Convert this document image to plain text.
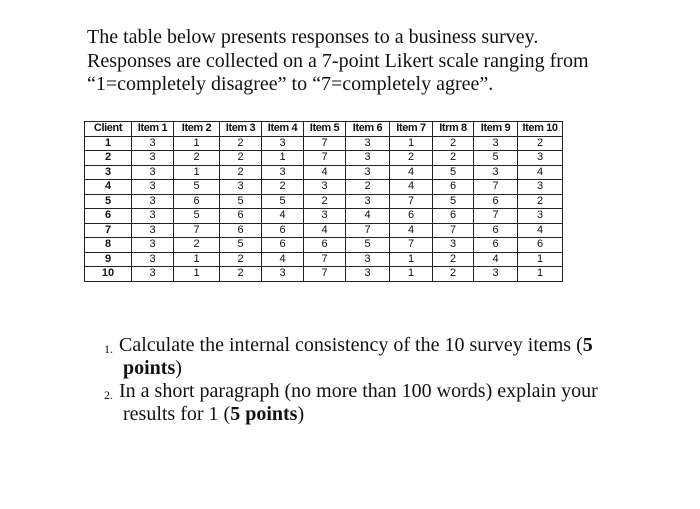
The table below presents responses to a business survey.
Responses are collected on a 7-point Likert scale ranging from
“1=completely disagree” to “7=completely agree”.
Client	Item 1	Item 2	Item 3	Item 4	Item 5	Item 6	Item 7	Itrm 8	Item 9	Item 10
1	3	1	2	3	7	3	1	2	3	2
2	3	2	2	1	7	3	2	2	5	3
3	3	1	2	3	4	3	4	5	3	4
4	3	5	3	2	3	2	4	6	7	3
5	3	6	5	5	2	3	7	5	6	2
6	3	5	6	4	3	4	6	6	7	3
7	3	7	6	6	4	7	4	7	6	4
8	3	2	5	6	6	5	7	3	6	6
9	3	1	2	4	7	3	1	2	4	1
10	3	1	2	3	7	3	1	2	3	1
1. Calculate the internal consistency of the 10 survey items (5
points)
2. In a short paragraph (no more than 100 words) explain your
results for 1 (5 points)
